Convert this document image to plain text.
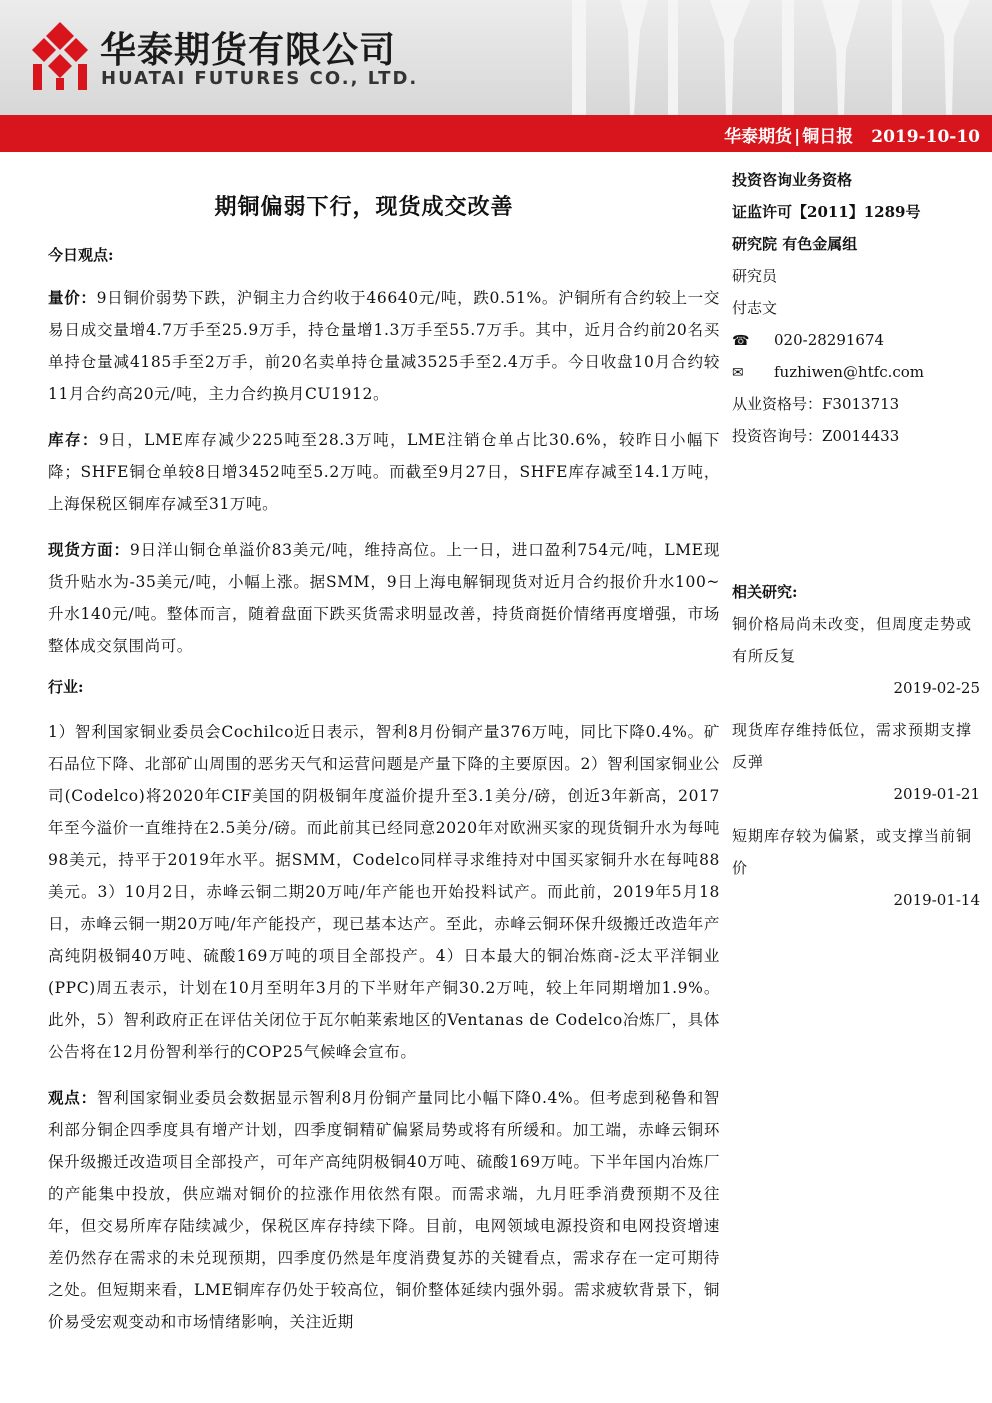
华泰期货有限公司
HUATAI FUTURES CO., LTD.
华泰期货 | 铜日报 2019-10-10
期铜偏弱下行，现货成交改善
今日观点:

量价：9日铜价弱势下跌，沪铜主力合约收于46640元/吨，跌0.51%。沪铜所有合约较上一交易日成交量增4.7万手至25.9万手，持仓量增1.3万手至55.7万手。其中，近月合约前20名买单持仓量减4185手至2万手，前20名卖单持仓量减3525手至2.4万手。今日收盘10月合约较11月合约高20元/吨，主力合约换月CU1912。

库存：9日，LME库存减少225吨至28.3万吨，LME注销仓单占比30.6%，较昨日小幅下降；SHFE铜仓单较8日增3452吨至5.2万吨。而截至9月27日，SHFE库存减至14.1万吨，上海保税区铜库存减至31万吨。

现货方面：9日洋山铜仓单溢价83美元/吨，维持高位。上一日，进口盈利754元/吨，LME现货升贴水为-35美元/吨，小幅上涨。据SMM，9日上海电解铜现货对近月合约报价升水100~升水140元/吨。整体而言，随着盘面下跌买货需求明显改善，持货商挺价情绪再度增强，市场整体成交氛围尚可。

行业:

1）智利国家铜业委员会Cochilco近日表示，智利8月份铜产量376万吨，同比下降0.4%。矿石品位下降、北部矿山周围的恶劣天气和运营问题是产量下降的主要原因。2）智利国家铜业公司(Codelco)将2020年CIF美国的阴极铜年度溢价提升至3.1美分/磅，创近3年新高，2017年至今溢价一直维持在2.5美分/磅。而此前其已经同意2020年对欧洲买家的现货铜升水为每吨98美元，持平于2019年水平。据SMM，Codelco同样寻求维持对中国买家铜升水在每吨88美元。3）10月2日，赤峰云铜二期20万吨/年产能也开始投料试产。而此前，2019年5月18日，赤峰云铜一期20万吨/年产能投产，现已基本达产。至此，赤峰云铜环保升级搬迁改造年产高纯阴极铜40万吨、硫酸169万吨的项目全部投产。4）日本最大的铜冶炼商-泛太平洋铜业(PPC)周五表示，计划在10月至明年3月的下半财年产铜30.2万吨，较上年同期增加1.9%。此外，5）智利政府正在评估关闭位于瓦尔帕莱索地区的Ventanas de Codelco冶炼厂，具体公告将在12月份智利举行的COP25气候峰会宣布。

观点：智利国家铜业委员会数据显示智利8月份铜产量同比小幅下降0.4%。但考虑到秘鲁和智利部分铜企四季度具有增产计划，四季度铜精矿偏紧局势或将有所缓和。加工端，赤峰云铜环保升级搬迁改造项目全部投产，可年产高纯阴极铜40万吨、硫酸169万吨。下半年国内冶炼厂的产能集中投放，供应端对铜价的拉涨作用依然有限。而需求端，九月旺季消费预期不及往年，但交易所库存陆续减少，保税区库存持续下降。目前，电网领域电源投资和电网投资增速差仍然存在需求的未兑现预期，四季度仍然是年度消费复苏的关键看点，需求存在一定可期待之处。但短期来看，LME铜库存仍处于较高位，铜价整体延续内强外弱。需求疲软背景下，铜价易受宏观变动和市场情绪影响，关注近期

投资咨询业务资格
证监许可【2011】1289号
研究院 有色金属组
研究员
付志文
☎ 020-28291674
✉ fuzhiwen@htfc.com
从业资格号：F3013713
投资咨询号：Z0014433
相关研究:
铜价格局尚未改变，但周度走势或有所反复
2019-02-25
现货库存维持低位，需求预期支撑反弹
2019-01-21
短期库存较为偏紧，或支撑当前铜价
2019-01-14
